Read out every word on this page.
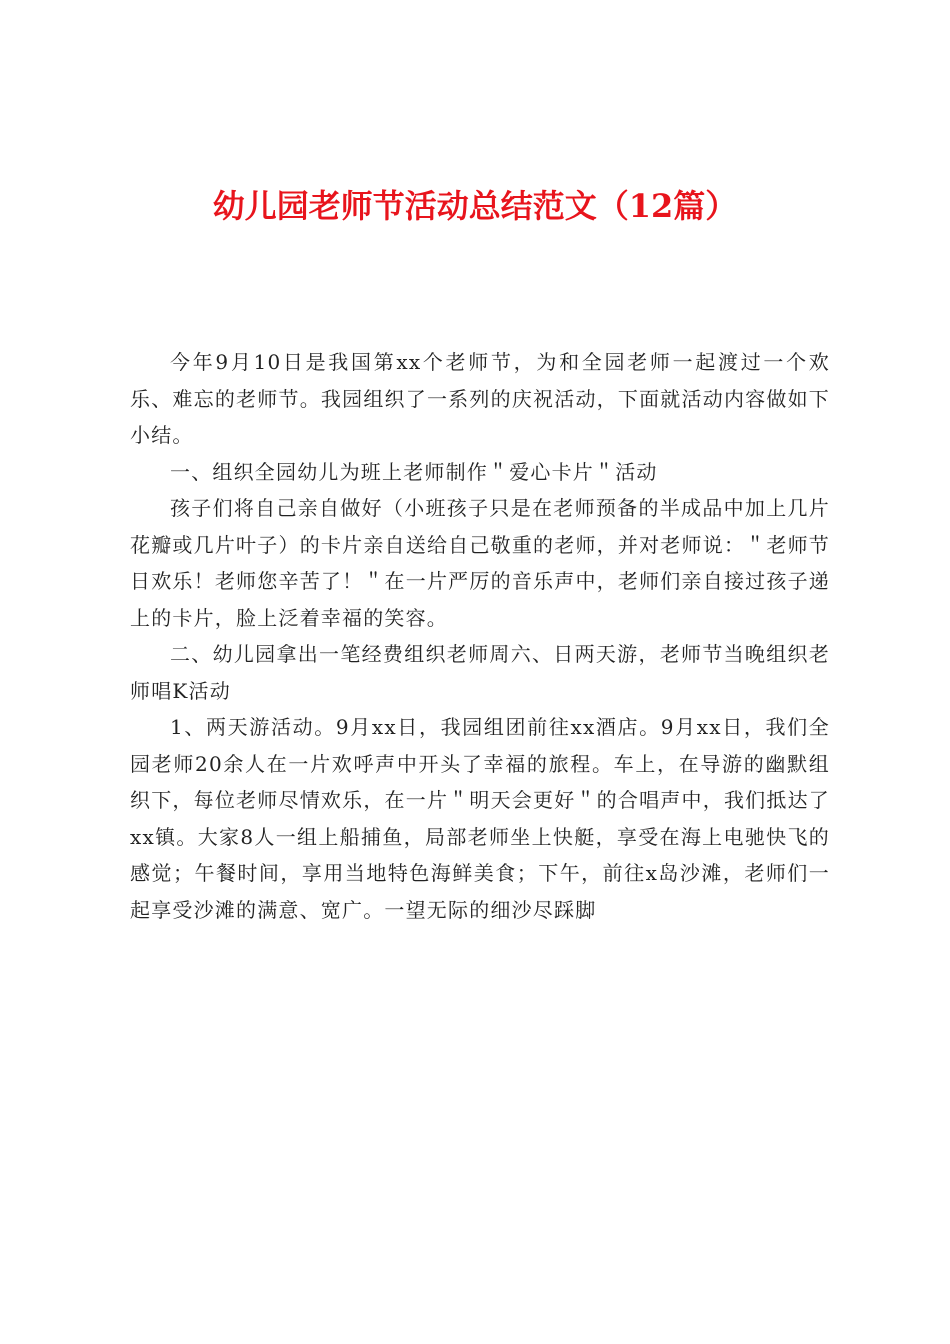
幼儿园老师节活动总结范文（12篇）

今年9月10日是我国第xx个老师节，为和全园老师一起渡过一个欢乐、难忘的老师节。我园组织了一系列的庆祝活动，下面就活动内容做如下小结。

一、组织全园幼儿为班上老师制作＂爱心卡片＂活动

孩子们将自己亲自做好（小班孩子只是在老师预备的半成品中加上几片花瓣或几片叶子）的卡片亲自送给自己敬重的老师，并对老师说：＂老师节日欢乐！老师您辛苦了！＂在一片严厉的音乐声中，老师们亲自接过孩子递上的卡片，脸上泛着幸福的笑容。

二、幼儿园拿出一笔经费组织老师周六、日两天游，老师节当晚组织老师唱K活动

1、两天游活动。9月xx日，我园组团前往xx酒店。9月xx日，我们全园老师20余人在一片欢呼声中开头了幸福的旅程。车上，在导游的幽默组织下，每位老师尽情欢乐，在一片＂明天会更好＂的合唱声中，我们抵达了xx镇。大家8人一组上船捕鱼，局部老师坐上快艇，享受在海上电驰快飞的感觉；午餐时间，享用当地特色海鲜美食；下午，前往x岛沙滩，老师们一起享受沙滩的满意、宽广。一望无际的细沙尽踩脚
